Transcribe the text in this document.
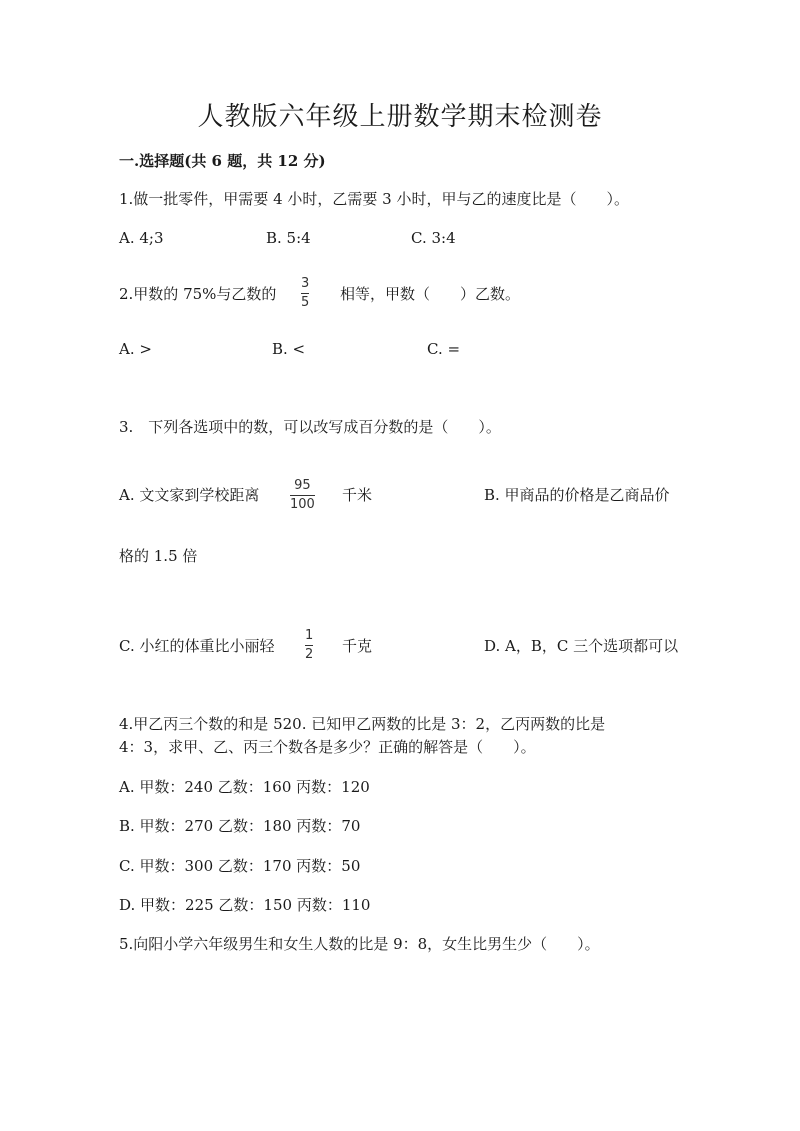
人教版六年级上册数学期末检测卷
一.选择题(共 6 题，共 12 分)
1.做一批零件，甲需要 4 小时，乙需要 3 小时，甲与乙的速度比是（　　）。
A. 4;3	B. 5:4	C. 3:4
2.甲数的 75%与乙数的
3
5 相等，甲数（　　）乙数。
A. >	B. <	C. =
3.　下列各选项中的数，可以改写成百分数的是（　　）。
A. 文文家到学校距离
95
100
千米	B. 甲商品的价格是乙商品价
格的 1.5 倍
C. 小红的体重比小丽轻
1
2 千克	D. A，B，C 三个选项都可以
4.甲乙丙三个数的和是 520. 已知甲乙两数的比是 3：2，乙丙两数的比是
4：3，求甲、乙、丙三个数各是多少？正确的解答是（　　）。
A. 甲数：240 乙数：160 丙数：120
B. 甲数：270 乙数：180 丙数：70
C. 甲数：300 乙数：170 丙数：50
D. 甲数：225 乙数：150 丙数：110
5.向阳小学六年级男生和女生人数的比是 9：8，女生比男生少（　　）。
